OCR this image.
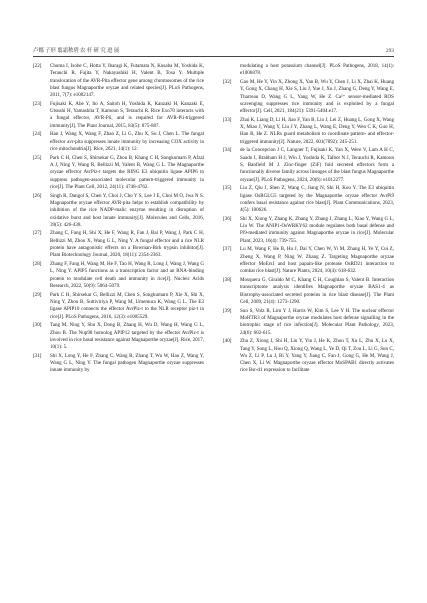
卢娜 子形 翦霜秾碧 农 杆 研 究 进 展	293
[22]	Chuma I, Isobe C, Hotta Y, Ibaragi K, Futamata N, Kusaba M, Yoshida K, Terauchi R, Fujita Y, Nakayashiki H, Valent B, Tosa Y. Multiple translocation of the AVR-Pita effector gene among chromosomes of the rice blast fungus Magnaporthe oryzae and related species[J]. PLoS Pathogens, 2011, 7(7): e1002147.
[23]	Fujisaki K, Abe Y, Ito A, Saitoh H, Yoshida K, Kanzaki H, Kanzaki E, Utsushi H, Yamashita T, Kamoun S, Terauchi R. Rice Exo70 interacts with a fungal effector, AVR-Pii, and is required for AVR-Pii-triggered immunity[J]. The Plant Journal, 2015, 83(5): 875-887.
[24]	Han J, Wang X, Wang F, Zhao Z, Li G, Zhu X, Su J, Chen L. The fungal effector avr-pita suppresses innate immunity by increasing COX activity in rice mitochondria[J]. Rice, 2021, 14(1): 12.
[25]	Park C H, Chen S, Shirsekar G, Zhou B, Khang C H, Songkumarn P, Afzal A J, Ning Y, Wang R, Bellizzi M, Valent B, Wang G L. The Magnaporthe oryzae effector AvrPiz-t targets the RING E3 ubiquitin ligase APIP6 to suppress pathogen-associated molecular pattern-triggered immunity in rice[J]. The Plant Cell, 2012, 24(11): 4748-4762.
[26]	Singh R, Dangol S, Chen Y, Choi J, Cho Y S, Lee J E, Choi M O, Jwa N S. Magnaporthe oryzae effector AVR-pita helps to establish compatibility by inhibition of the rice NADP-malic enzyme resulting in disruption of oxidative burst and host innate immunity[J]. Molecules and Cells, 2016, 39(5): 426-438.
[27]	Zhang C, Fang H, Shi X, He F, Wang R, Fan J, Bai P, Wang J, Park C H, Bellizzi M, Zhou X, Wang G L, Ning Y. A fungal effector and a rice NLR protein have antagonistic effects on a Bowman-Birk trypsin inhibitor[J]. Plant Biotechnology Journal, 2020, 18(11): 2354-2363.
[28]	Zhang F, Fang H, Wang M, He F, Tao H, Wang R, Long J, Wang J, Wang G L, Ning Y. APIP5 functions as a transcription factor and an RNA-binding protein to modulate cell death and immunity in rice[J]. Nucleic Acids Research, 2022, 50(9): 5064-5079.
[29]	Park C H, Shirsekar G, Bellizzi M, Chen S, Songkumarn P, Xie X, Shi X, Ning Y, Zhou B, Suttiviriya P, Wang M, Umemura K, Wang G L. The E3 ligase APIP10 connects the effector AvrPiz-t to the NLR receptor piz-t in rice[J]. PLoS Pathogens, 2016, 12(3): e1005529.
[30]	Tang M, Ning Y, Shu X, Dong B, Zhang H, Wu D, Wang H, Wang G L, Zhou B. The Nup98 homolog APIP12 targeted by the effector AvrPiz-t is involved in rice basal resistance against Magnaporthe oryzae[J]. Rice, 2017, 10(1): 5.
[31]	Shi X, Long Y, He F, Zhang C, Wang R, Zhang T, Wu W, Hao Z, Wang Y, Wang G L, Ning Y. The fungal pathogen Magnaporthe oryzae suppresses innate immunity by

modulating a host potassium channel[J]. PLoS Pathogens, 2018, 14(1): e1006878.

[32]	Gao M, He Y, Yin X, Zhong X, Yan B, Wu Y, Chen J, Li X, Zhai K, Huang Y, Gong X, Chang H, Xie S, Liu J, Yue J, Xu J, Zhang G, Deng Y, Wang E, Tharreau D, Wang G L, Yang W, He Z. Ca²⁺ sensor-mediated ROS scavenging suppresses rice immunity and is exploited by a fungal effector[J]. Cell, 2021, 184(21): 5391-5404.e17.
[33]	Zhai K, Liang D, Li H, Jiao F, Yan B, Liu J, Lei Z, Huang L, Gong X, Wang X, Miao J, Wang Y, Liu J Y, Zhang L, Wang E, Deng Y, Wen C K, Guo H, Han B, He Z. NLRs guard metabolism to coordinate pattern- and effector-triggered immunity[J]. Nature, 2022, 601(7892): 245-251.
[34]	de la Concepcion J C, Langner T, Fujisaki K, Yan X, Were V, Lam A H C, Saado I, Brabham H J, Win J, Yoshida K, Talbot N J, Terauchi R, Kamoun S, Banfield M J. Zinc-finger (ZiF) fold secreted effectors form a functionally diverse family across lineages of the blast fungus Magnaporthe oryzae[J]. PLoS Pathogens, 2024, 20(6): e1012277.
[35]	Liu Z, Qiu J, Shen Z, Wang C, Jiang N, Shi H, Kou Y. The E3 ubiquitin ligase OsRGLG5 targeted by the Magnaporthe oryzae effector AvrPi9 confers basal resistance against rice blast[J]. Plant Communications, 2023, 4(5): 100626.
[36]	Shi X, Xiong Y, Zhang K, Zhang Y, Zhang J, Zhang L, Xiao Y, Wang G L, Liu W. The ANIP1-OsWRKY62 module regulates both basal defense and Pi9-mediated immunity against Magnaporthe oryzae in rice[J]. Molecular Plant, 2023, 16(4): 739-755.
[37]	Lu M, Wang F, He B, Hu J, Dai Y, Chen W, Yi M, Zhang H, Ye Y, Cui Z, Zheng X, Wang P, Ning W, Zhang Z. Targeting Magnaporthe oryzae effector MoErs1 and host papain-like protease OsRD21 interaction to combat rice blast[J]. Nature Plants, 2024, 10(4): 618-632.
[38]	Mosquera G, Giraldo M C, Khang C H, Coughlan S, Valent B. Interaction transcriptome analysis identifies Magnaporthe oryzae BAS1-4 as Biotrophy-associated secreted proteins in rice blast disease[J]. The Plant Cell, 2009, 21(4): 1273-1290.
[39]	Sun S, Volz R, Lim Y J, Harris W, Kim S, Lee Y H. The nuclear effector MoHTR3 of Magnaporthe oryzae modulates host defense signalling in the biotrophic stage of rice infection[J]. Molecular Plant Pathology, 2023, 24(6): 602-615.
[40]	Zhu Z, Xiong J, Shi H, Liu Y, Yin J, He K, Zhou T, Xu L, Zhu X, Lu X, Tang Y, Song L, Hou Q, Xiong Q, Wang L, Ye D, Qi T, Zou L, Li G, Sun C, Wu Z, Li P, Lu J, Bi Y, Yang Y, Jiang C, Fan J, Gong G, He M, Wang J, Chen X, Li W. Magnaporthe oryzae effector MoSPAB1 directly activates rice Bsr-d1 expression to facilitate
